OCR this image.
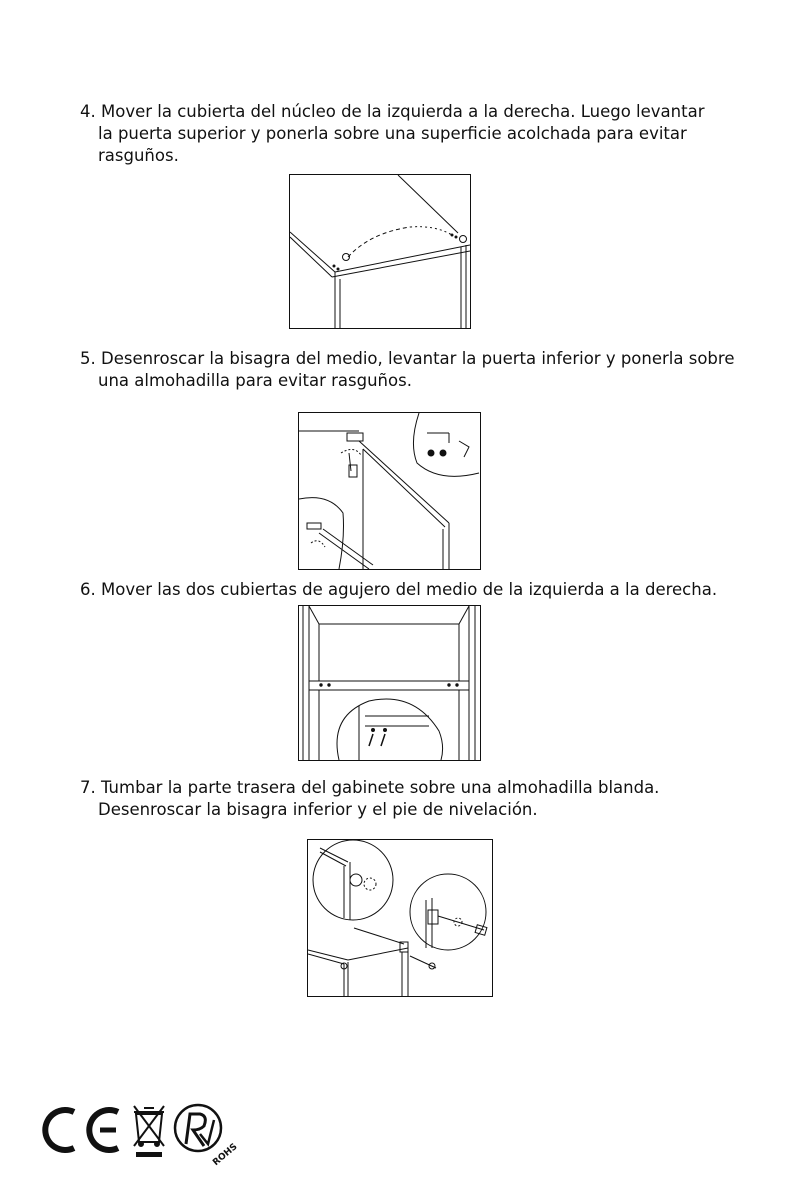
4. Mover la cubierta del núcleo de la izquierda a la derecha. Luego levantar
la puerta superior y ponerla sobre una superficie acolchada para evitar
rasguños.

5. Desenroscar la bisagra del medio, levantar la puerta inferior y ponerla sobre
una almohadilla para evitar rasguños.

6. Mover las dos cubiertas de agujero del medio de la izquierda a la derecha.

7. Tumbar la parte trasera del gabinete sobre una almohadilla blanda.
Desenroscar la bisagra inferior y el pie de nivelación.

ROHS
